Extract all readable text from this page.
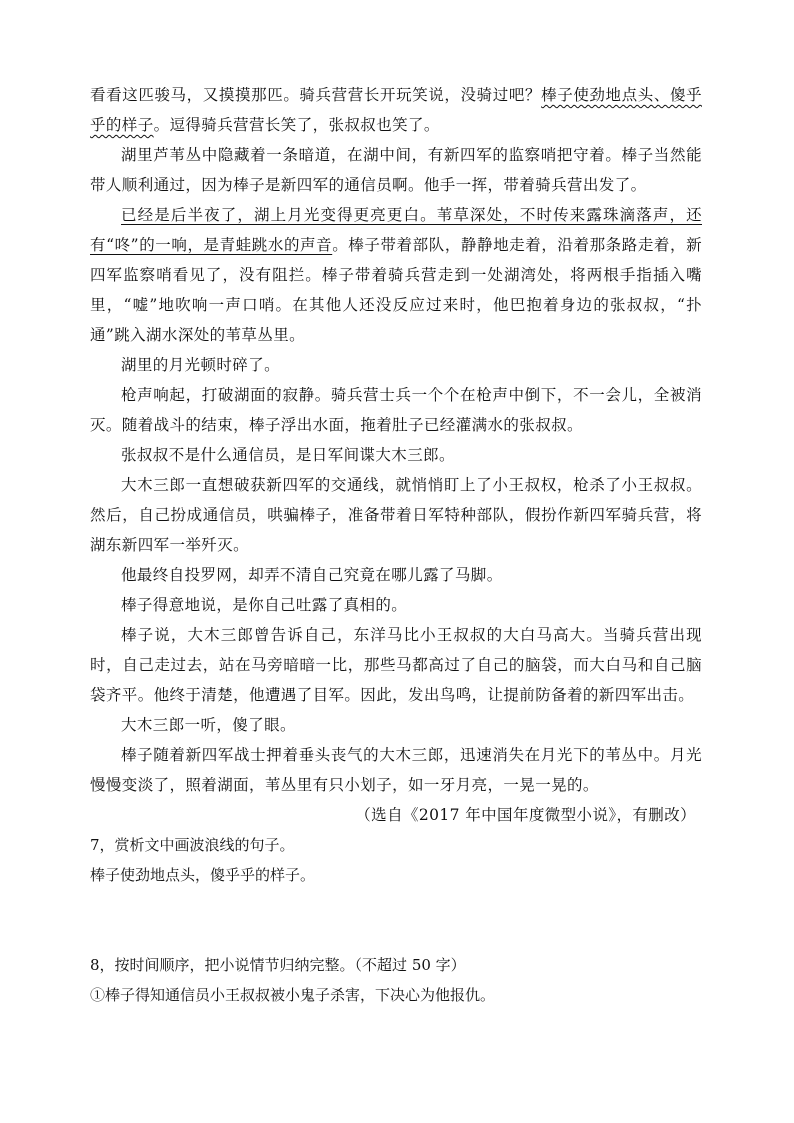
看看这匹骏马，又摸摸那匹。骑兵营营长开玩笑说，没骑过吧？棒子使劲地点头、傻乎乎的样子。逗得骑兵营营长笑了，张叔叔也笑了。

湖里芦苇丛中隐藏着一条暗道，在湖中间，有新四军的监察哨把守着。棒子当然能带人顺利通过，因为棒子是新四军的通信员啊。他手一挥，带着骑兵营出发了。

已经是后半夜了，湖上月光变得更亮更白。苇草深处，不时传来露珠滴落声，还有“咚”的一响，是青蛙跳水的声音。棒子带着部队，静静地走着，沿着那条路走着，新四军监察哨看见了，没有阻拦。棒子带着骑兵营走到一处湖湾处，将两根手指插入嘴里，“嘘”地吹响一声口哨。在其他人还没反应过来时，他巴抱着身边的张叔叔，“扑通”跳入湖水深处的苇草丛里。

湖里的月光顿时碎了。

枪声响起，打破湖面的寂静。骑兵营士兵一个个在枪声中倒下，不一会儿，全被消灭。随着战斗的结束，棒子浮出水面，拖着肚子已经灌满水的张叔叔。

张叔叔不是什么通信员，是日军间谍大木三郎。

大木三郎一直想破获新四军的交通线，就悄悄盯上了小王叔权，枪杀了小王叔叔。然后，自己扮成通信员，哄骗棒子，准备带着日军特种部队，假扮作新四军骑兵营，将湖东新四军一举歼灭。

他最终自投罗网，却弄不清自己究竟在哪儿露了马脚。

棒子得意地说，是你自己吐露了真相的。

棒子说，大木三郎曾告诉自己，东洋马比小王叔叔的大白马高大。当骑兵营出现时，自己走过去，站在马旁暗暗一比，那些马都高过了自己的脑袋，而大白马和自己脑袋齐平。他终于清楚，他遭遇了目军。因此，发出鸟鸣，让提前防备着的新四军出击。

大木三郎一听，傻了眼。

棒子随着新四军战士押着垂头丧气的大木三郎，迅速消失在月光下的苇丛中。月光慢慢变淡了，照着湖面，苇丛里有只小划子，如一牙月亮，一晃一晃的。

（选自《2017 年中国年度微型小说》，有删改）

7，赏析文中画波浪线的句子。

棒子使劲地点头，傻乎乎的样子。

8，按时间顺序，把小说情节归纳完整。（不超过 50 字）

①棒子得知通信员小王叔叔被小鬼子杀害，下决心为他报仇。
